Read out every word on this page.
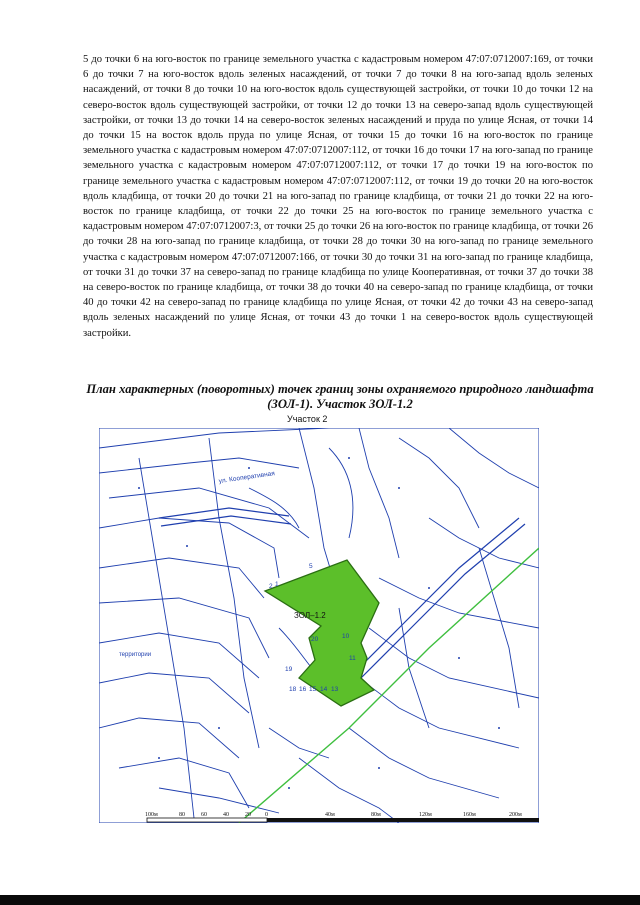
5 до точки 6 на юго-восток по границе земельного участка с кадастровым номером 47:07:0712007:169, от точки 6 до точки 7 на юго-восток вдоль зеленых насаждений, от точки 7 до точки 8 на юго-запад вдоль зеленых насаждений, от точки 8 до точки 10 на юго-восток вдоль существующей застройки, от точки 10 до точки 12 на северо-восток вдоль существующей застройки, от точки 12 до точки 13 на северо-запад вдоль существующей застройки, от точки 13 до точки 14 на северо-восток зеленых насаждений и пруда по улице Ясная, от точки 14 до точки 15 на восток вдоль пруда по улице Ясная, от точки 15 до точки 16 на юго-восток по границе земельного участка с кадастровым номером 47:07:0712007:112, от точки 16 до точки 17 на юго-запад по границе земельного участка с кадастровым номером 47:07:0712007:112, от точки 17 до точки 19 на юго-восток по границе земельного участка с кадастровым номером 47:07:0712007:112, от точки 19 до точки 20 на юго-восток вдоль кладбища, от точки 20 до точки 21 на юго-запад по границе кладбища, от точки 21 до точки 22 на юго-восток по границе кладбища, от точки 22 до точки 25 на юго-восток по границе земельного участка с кадастровым номером 47:07:0712007:3, от точки 25 до точки 26 на юго-восток по границе кладбища, от точки 26 до точки 28 на юго-запад по границе кладбища, от точки 28 до точки 30 на юго-запад по границе земельного участка с кадастровым номером 47:07:0712007:166, от точки 30 до точки 31 на юго-запад по границе кладбища, от точки 31 до точки 37 на северо-запад по границе кладбища по улице Кооперативная, от точки 37 до точки 38 на северо-восток по границе кладбища, от точки 38 до точки 40 на северо-запад по границе кладбища, от точки 40 до точки 42 на северо-запад по границе кладбища по улице Ясная, от точки 42 до точки 43 на северо-запад вдоль зеленых насаждений по улице Ясная, от точки 43 до точки 1 на северо-восток вдоль существующей застройки.

План характерных (поворотных) точек границ зоны охраняемого природного ландшафта
(ЗОЛ-1). Участок ЗОЛ-1.2

Участок 2

ЗОЛ–1.2
ул. Кооперативная
территории
2 1
5
20	10
11
19
18 16 15 14 13
100м	80	60	40	20 0	40м	80м	120м	160м	200м
